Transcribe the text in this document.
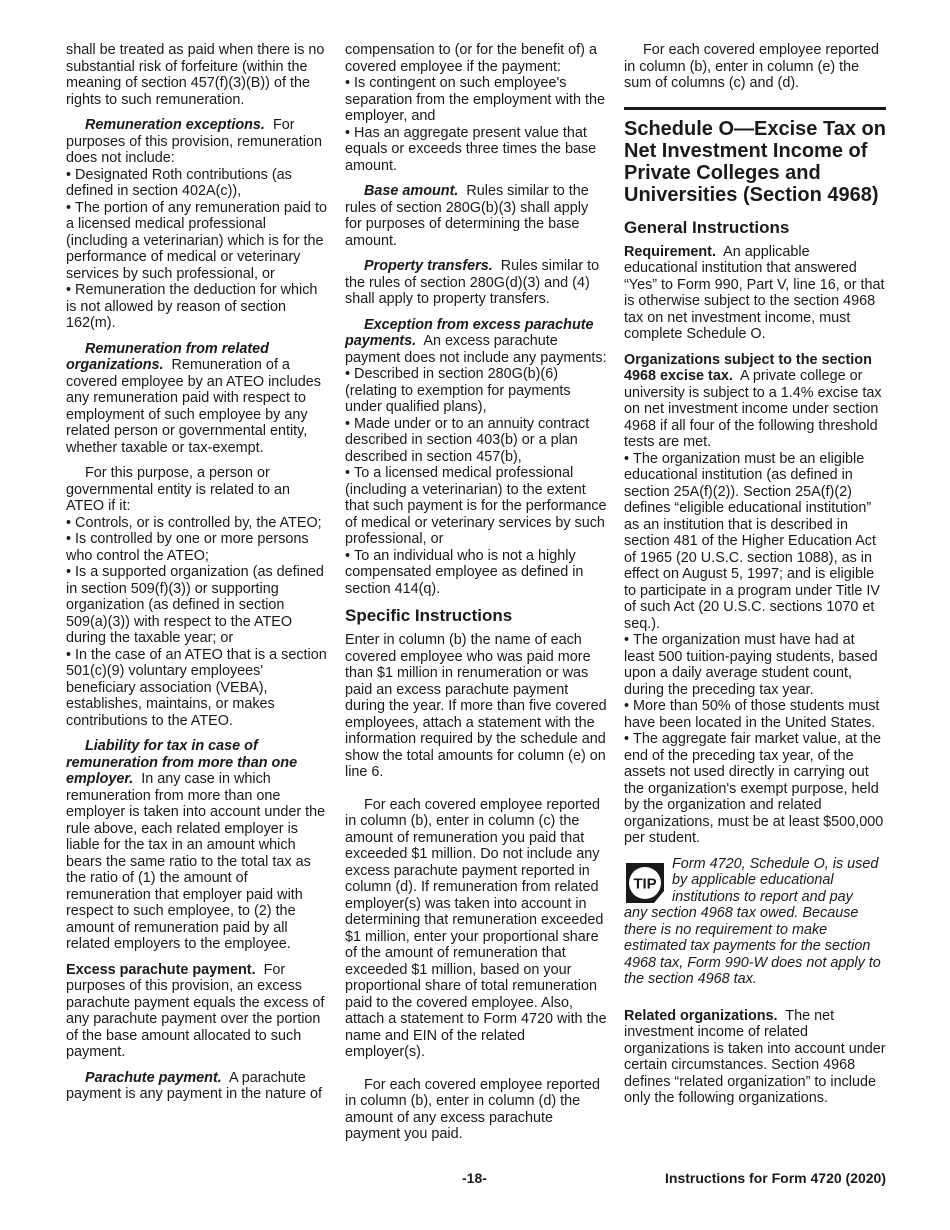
shall be treated as paid when there is no substantial risk of forfeiture (within the meaning of section 457(f)(3)(B)) of the rights to such remuneration.

Remuneration exceptions. For purposes of this provision, remuneration does not include:

• Designated Roth contributions (as defined in section 402A(c)),

• The portion of any remuneration paid to a licensed medical professional (including a veterinarian) which is for the performance of medical or veterinary services by such professional, or

• Remuneration the deduction for which is not allowed by reason of section 162(m).

Remuneration from related organizations. Remuneration of a covered employee by an ATEO includes any remuneration paid with respect to employment of such employee by any related person or governmental entity, whether taxable or tax-exempt.

For this purpose, a person or governmental entity is related to an ATEO if it:

• Controls, or is controlled by, the ATEO;

• Is controlled by one or more persons who control the ATEO;

• Is a supported organization (as defined in section 509(f)(3)) or supporting organization (as defined in section 509(a)(3)) with respect to the ATEO during the taxable year; or

• In the case of an ATEO that is a section 501(c)(9) voluntary employees' beneficiary association (VEBA), establishes, maintains, or makes contributions to the ATEO.

Liability for tax in case of remuneration from more than one employer. In any case in which remuneration from more than one employer is taken into account under the rule above, each related employer is liable for the tax in an amount which bears the same ratio to the total tax as the ratio of (1) the amount of remuneration that employer paid with respect to such employee, to (2) the amount of remuneration paid by all related employers to the employee.

Excess parachute payment. For purposes of this provision, an excess parachute payment equals the excess of any parachute payment over the portion of the base amount allocated to such payment.

Parachute payment. A parachute payment is any payment in the nature of

compensation to (or for the benefit of) a covered employee if the payment:

• Is contingent on such employee's separation from the employment with the employer, and

• Has an aggregate present value that equals or exceeds three times the base amount.

Base amount. Rules similar to the rules of section 280G(b)(3) shall apply for purposes of determining the base amount.

Property transfers. Rules similar to the rules of section 280G(d)(3) and (4) shall apply to property transfers.

Exception from excess parachute payments. An excess parachute payment does not include any payments:

• Described in section 280G(b)(6) (relating to exemption for payments under qualified plans),

• Made under or to an annuity contract described in section 403(b) or a plan described in section 457(b),

• To a licensed medical professional (including a veterinarian) to the extent that such payment is for the performance of medical or veterinary services by such professional, or

• To an individual who is not a highly compensated employee as defined in section 414(q).

Specific Instructions

Enter in column (b) the name of each covered employee who was paid more than $1 million in renumeration or was paid an excess parachute payment during the year. If more than five covered employees, attach a statement with the information required by the schedule and show the total amounts for column (e) on line 6.

For each covered employee reported in column (b), enter in column (c) the amount of remuneration you paid that exceeded $1 million. Do not include any excess parachute payment reported in column (d). If remuneration from related employer(s) was taken into account in determining that remuneration exceeded $1 million, enter your proportional share of the amount of remuneration that exceeded $1 million, based on your proportional share of total remuneration paid to the covered employee. Also, attach a statement to Form 4720 with the name and EIN of the related employer(s).

For each covered employee reported in column (b), enter in column (d) the amount of any excess parachute payment you paid.

For each covered employee reported in column (b), enter in column (e) the sum of columns (c) and (d).

Schedule O—Excise Tax on Net Investment Income of Private Colleges and Universities (Section 4968)
General Instructions

Requirement. An applicable educational institution that answered “Yes” to Form 990, Part V, line 16, or that is otherwise subject to the section 4968 tax on net investment income, must complete Schedule O.

Organizations subject to the section 4968 excise tax. A private college or university is subject to a 1.4% excise tax on net investment income under section 4968 if all four of the following threshold tests are met.

• The organization must be an eligible educational institution (as defined in section 25A(f)(2)). Section 25A(f)(2) defines “eligible educational institution” as an institution that is described in section 481 of the Higher Education Act of 1965 (20 U.S.C. section 1088), as in effect on August 5, 1997; and is eligible to participate in a program under Title IV of such Act (20 U.S.C. sections 1070 et seq.).

• The organization must have had at least 500 tuition-paying students, based upon a daily average student count, during the preceding tax year.

• More than 50% of those students must have been located in the United States.

• The aggregate fair market value, at the end of the preceding tax year, of the assets not used directly in carrying out the organization's exempt purpose, held by the organization and related organizations, must be at least $500,000 per student.

TIP

Form 4720, Schedule O, is used by applicable educational institutions to report and pay

any section 4968 tax owed. Because there is no requirement to make estimated tax payments for the section 4968 tax, Form 990-W does not apply to the section 4968 tax.

Related organizations. The net investment income of related organizations is taken into account under certain circumstances. Section 4968 defines “related organization” to include only the following organizations.

-18-	Instructions for Form 4720 (2020)
